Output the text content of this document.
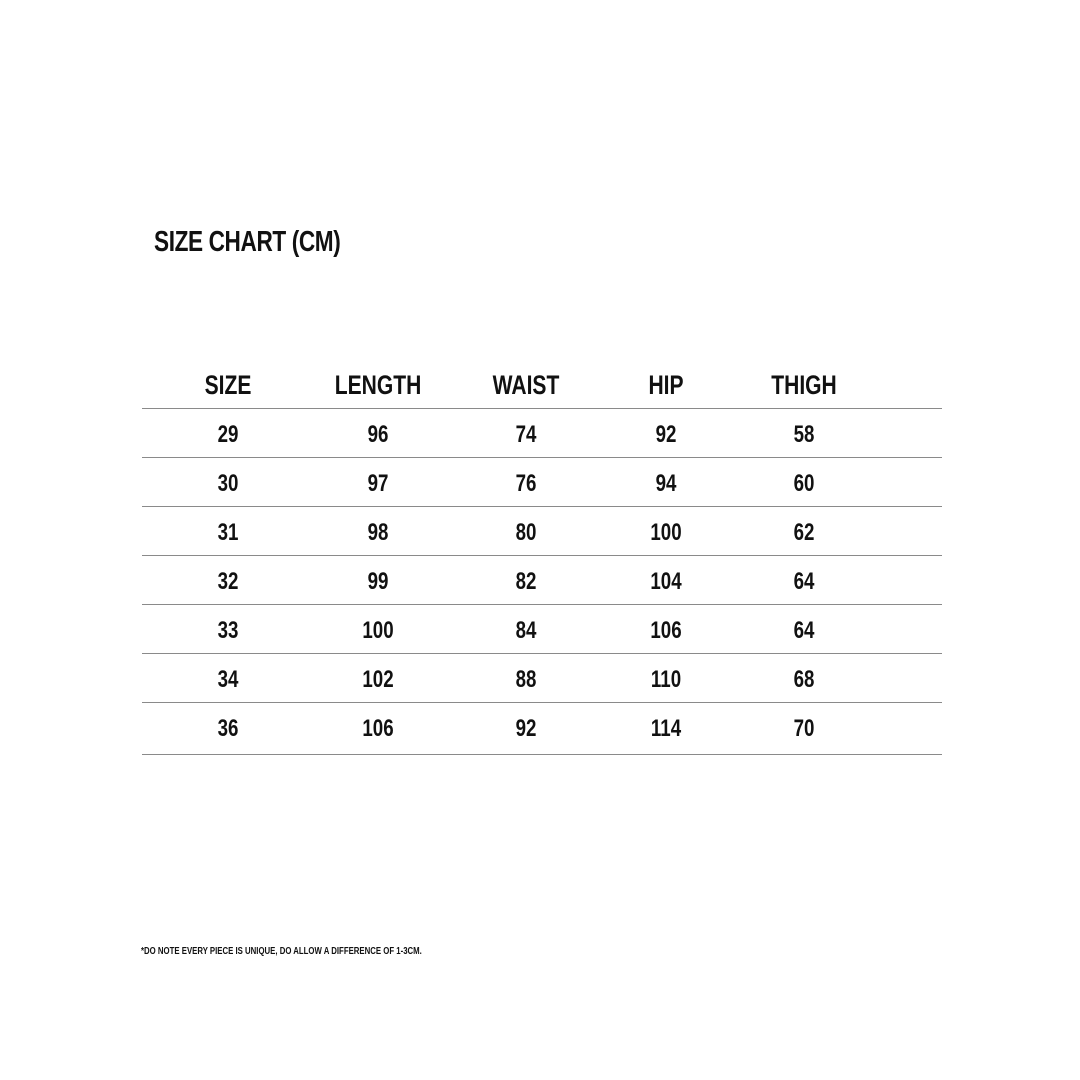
SIZE CHART (CM)
SIZE	LENGTH	WAIST	HIP	THIGH
29	96	74	92	58
30	97	76	94	60
31	98	80	100	62
32	99	82	104	64
33	100	84	106	64
34	102	88	110	68
36	106	92	114	70
*DO NOTE EVERY PIECE IS UNIQUE, DO ALLOW A DIFFERENCE OF 1-3CM.
